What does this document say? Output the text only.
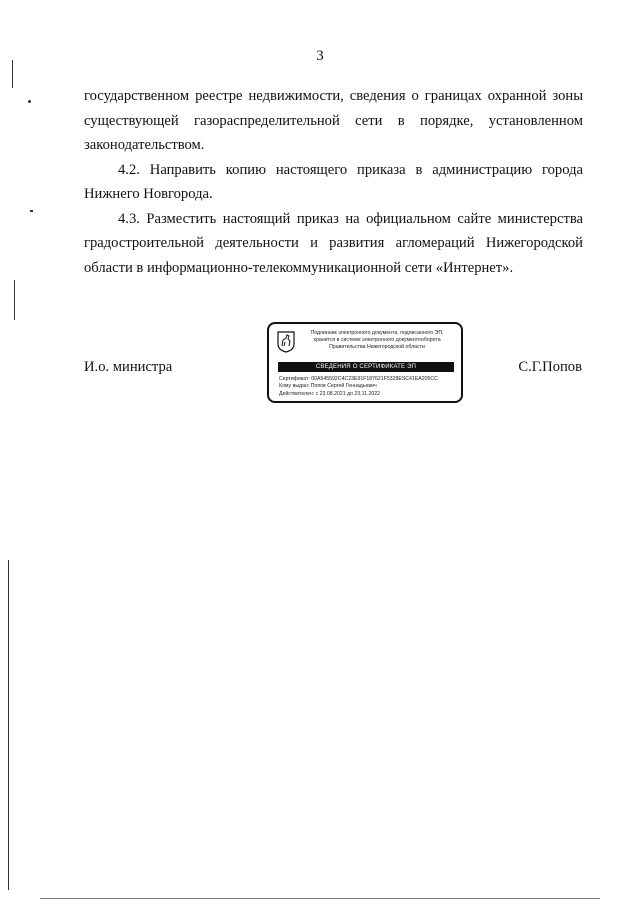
3

государственном реестре недвижимости, сведения о границах охранной зоны

существующей газораспределительной сети в порядке, установленном

законодательством.

4.2. Направить копию настоящего приказа в администрацию города

Нижнего Новгорода.

4.3. Разместить настоящий приказ на официальном сайте министерства

градостроительной деятельности и развития агломераций Нижегородской

области в информационно-телекоммуникационной сети «Интернет».

И.о. министра	С.Г.Попов
Подлинник электронного документа, подписанного ЭП,
хранится в системе электронного документооборота
Правительства Нижегородской области
СВЕДЕНИЯ О СЕРТИФИКАТЕ ЭП
Сертификат: 00A545592C4C23E91F187621F5328ESC41EA205CC
Кому выдан: Попов Сергей Геннадьевич
Действителен: с 23.08.2021 до 23.11.2022
